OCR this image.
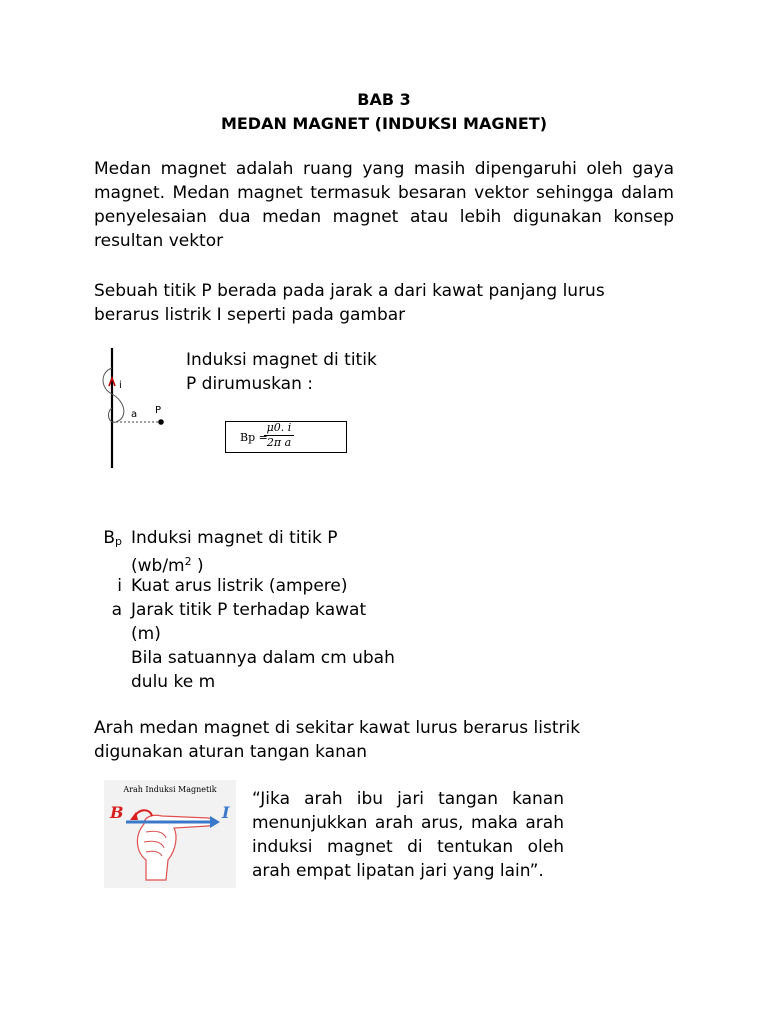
BAB 3
MEDAN MAGNET (INDUKSI MAGNET)
Medan magnet adalah ruang yang masih dipengaruhi oleh gaya magnet. Medan magnet termasuk besaran vektor sehingga dalam penyelesaian dua medan magnet atau lebih digunakan konsep resultan vektor
Sebuah titik P berada pada jarak a dari kawat panjang lurus berarus listrik I seperti pada gambar
i
a P
Induksi magnet di titik P dirumuskan :
Bp =
$\frac{\mu 0. i}{\text{2π a}}$
$B_p$ Induksi magnet di titik P ($wb/m^2$ )
i Kuat arus listrik (ampere)
a Jarak titik P terhadap kawat (m)
Bila satuannya dalam cm ubah dulu ke m
Arah medan magnet di sekitar kawat lurus berarus listrik digunakan aturan tangan kanan
Arah Induksi Magnetik
B	I
“Jika arah ibu jari tangan kanan menunjukkan arah arus, maka arah induksi magnet di tentukan oleh arah empat lipatan jari yang lain”.
